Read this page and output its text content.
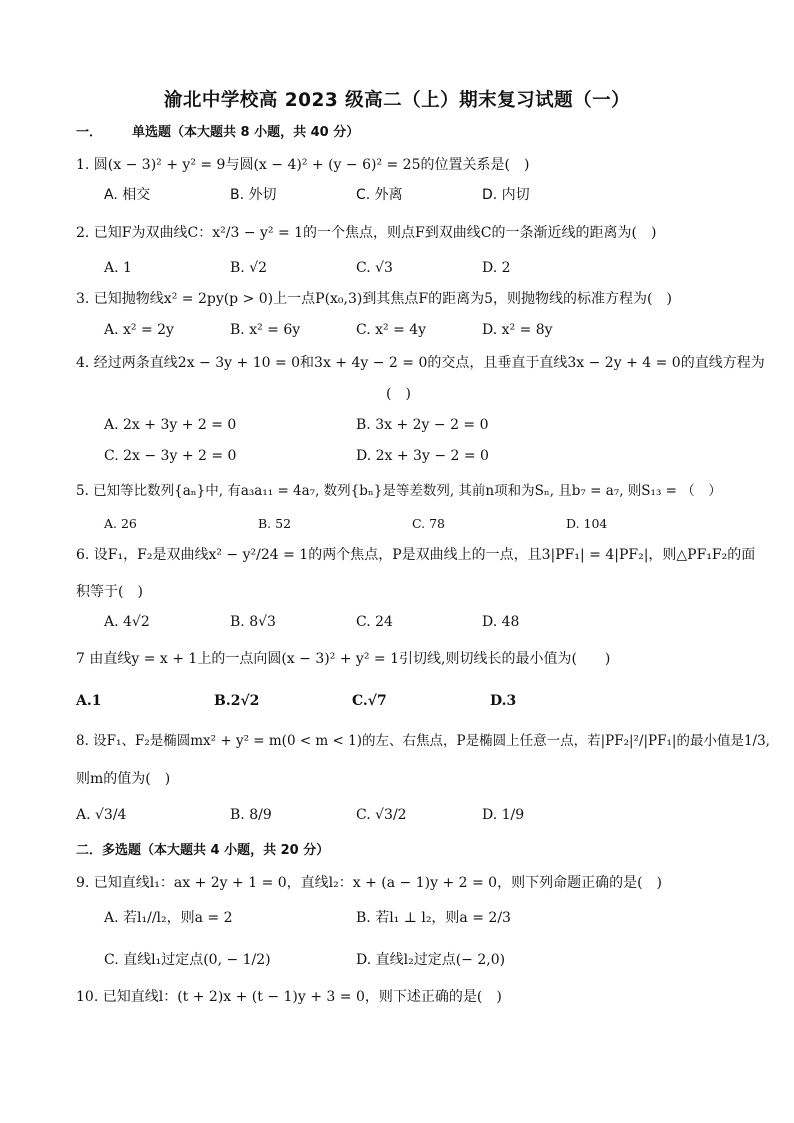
渝北中学校高 2023 级高二（上）期末复习试题（一）
一． 单选题（本大题共 8 小题，共 40 分）
1. 圆(x − 3)² + y² = 9与圆(x − 4)² + (y − 6)² = 25的位置关系是(　)
A. 相交	B. 外切	C. 外离	D. 内切
2. 已知F为双曲线C：x²/3 − y² = 1的一个焦点，则点F到双曲线C的一条渐近线的距离为(　)
A. 1	B. √2	C. √3	D. 2
3. 已知抛物线x² = 2py(p > 0)上一点P(x₀,3)到其焦点F的距离为5，则抛物线的标准方程为(　)
A. x² = 2y	B. x² = 6y	C. x² = 4y	D. x² = 8y
4. 经过两条直线2x − 3y + 10 = 0和3x + 4y − 2 = 0的交点，且垂直于直线3x − 2y + 4 = 0的直线方程为
(　)
A. 2x + 3y + 2 = 0	B. 3x + 2y − 2 = 0
C. 2x − 3y + 2 = 0	D. 2x + 3y − 2 = 0
5. 已知等比数列{aₙ}中, 有a₃a₁₁ = 4a₇, 数列{bₙ}是等差数列, 其前n项和为Sₙ, 且b₇ = a₇, 则S₁₃ = （　）
A. 26	B. 52	C. 78	D. 104
6. 设F₁，F₂是双曲线x² − y²/24 = 1的两个焦点，P是双曲线上的一点，且3|PF₁| = 4|PF₂|，则△PF₁F₂的面
积等于(　)
A. 4√2	B. 8√3	C. 24	D. 48
7 由直线y = x + 1上的一点向圆(x − 3)² + y² = 1引切线,则切线长的最小值为(　　)
A.1	B.2√2	C.√7	D.3
8. 设F₁、F₂是椭圆mx² + y² = m(0 < m < 1)的左、右焦点，P是椭圆上任意一点，若|PF₂|²/|PF₁|的最小值是1/3,
则m的值为(　)
A. √3/4	B. 8/9	C. √3/2	D. 1/9
二．多选题（本大题共 4 小题，共 20 分）
9. 已知直线l₁：ax + 2y + 1 = 0，直线l₂：x + (a − 1)y + 2 = 0，则下列命题正确的是(　)
A. 若l₁//l₂，则a = 2	B. 若l₁ ⊥ l₂，则a = 2/3
C. 直线l₁过定点(0, − 1/2)	D. 直线l₂过定点(− 2,0)
10. 已知直线l：(t + 2)x + (t − 1)y + 3 = 0，则下述正确的是(　)
